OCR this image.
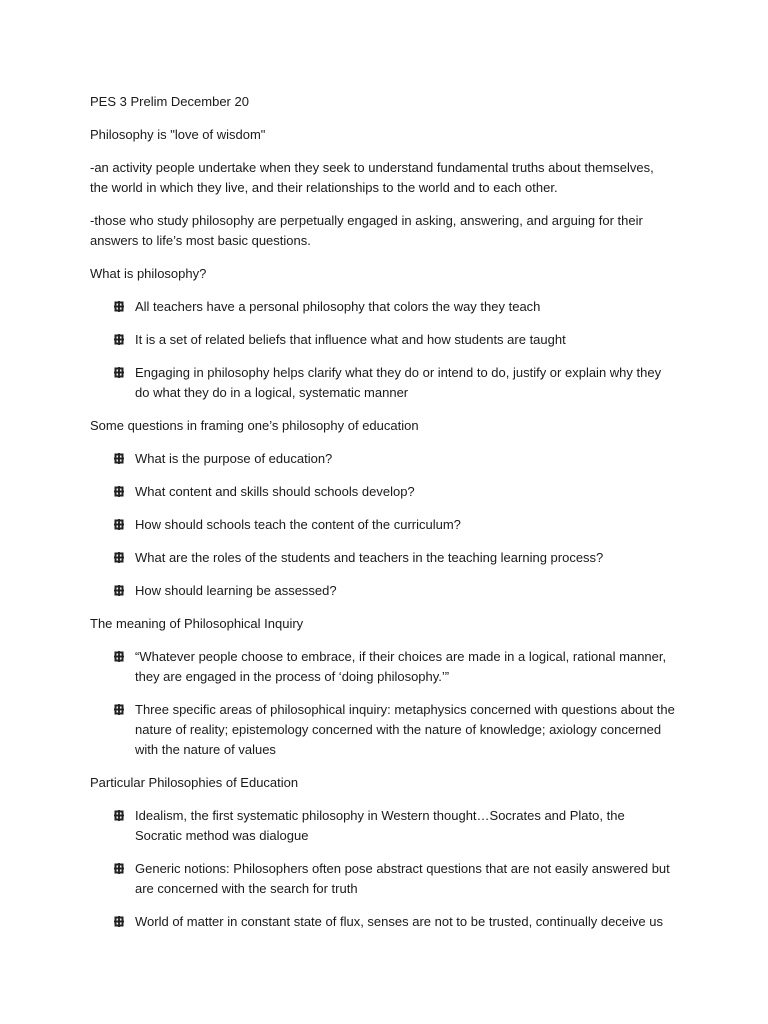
PES 3 Prelim December 20

Philosophy is "love of wisdom"

-an activity people undertake when they seek to understand fundamental truths about themselves, the world in which they live, and their relationships to the world and to each other.

-those who study philosophy are perpetually engaged in asking, answering, and arguing for their answers to life’s most basic questions.

What is philosophy?

All teachers have a personal philosophy that colors the way they teach
It is a set of related beliefs that influence what and how students are taught
Engaging in philosophy helps clarify what they do or intend to do, justify or explain why they do what they do in a logical, systematic manner

Some questions in framing one’s philosophy of education

What is the purpose of education?
What content and skills should schools develop?
How should schools teach the content of the curriculum?
What are the roles of the students and teachers in the teaching learning process?
How should learning be assessed?

The meaning of Philosophical Inquiry

“Whatever people choose to embrace, if their choices are made in a logical, rational manner, they are engaged in the process of ‘doing philosophy.’”
Three specific areas of philosophical inquiry: metaphysics concerned with questions about the nature of reality; epistemology concerned with the nature of knowledge; axiology concerned with the nature of values

Particular Philosophies of Education

Idealism, the first systematic philosophy in Western thought…Socrates and Plato, the Socratic method was dialogue
Generic notions: Philosophers often pose abstract questions that are not easily answered but are concerned with the search for truth
World of matter in constant state of flux, senses are not to be trusted, continually deceive us
